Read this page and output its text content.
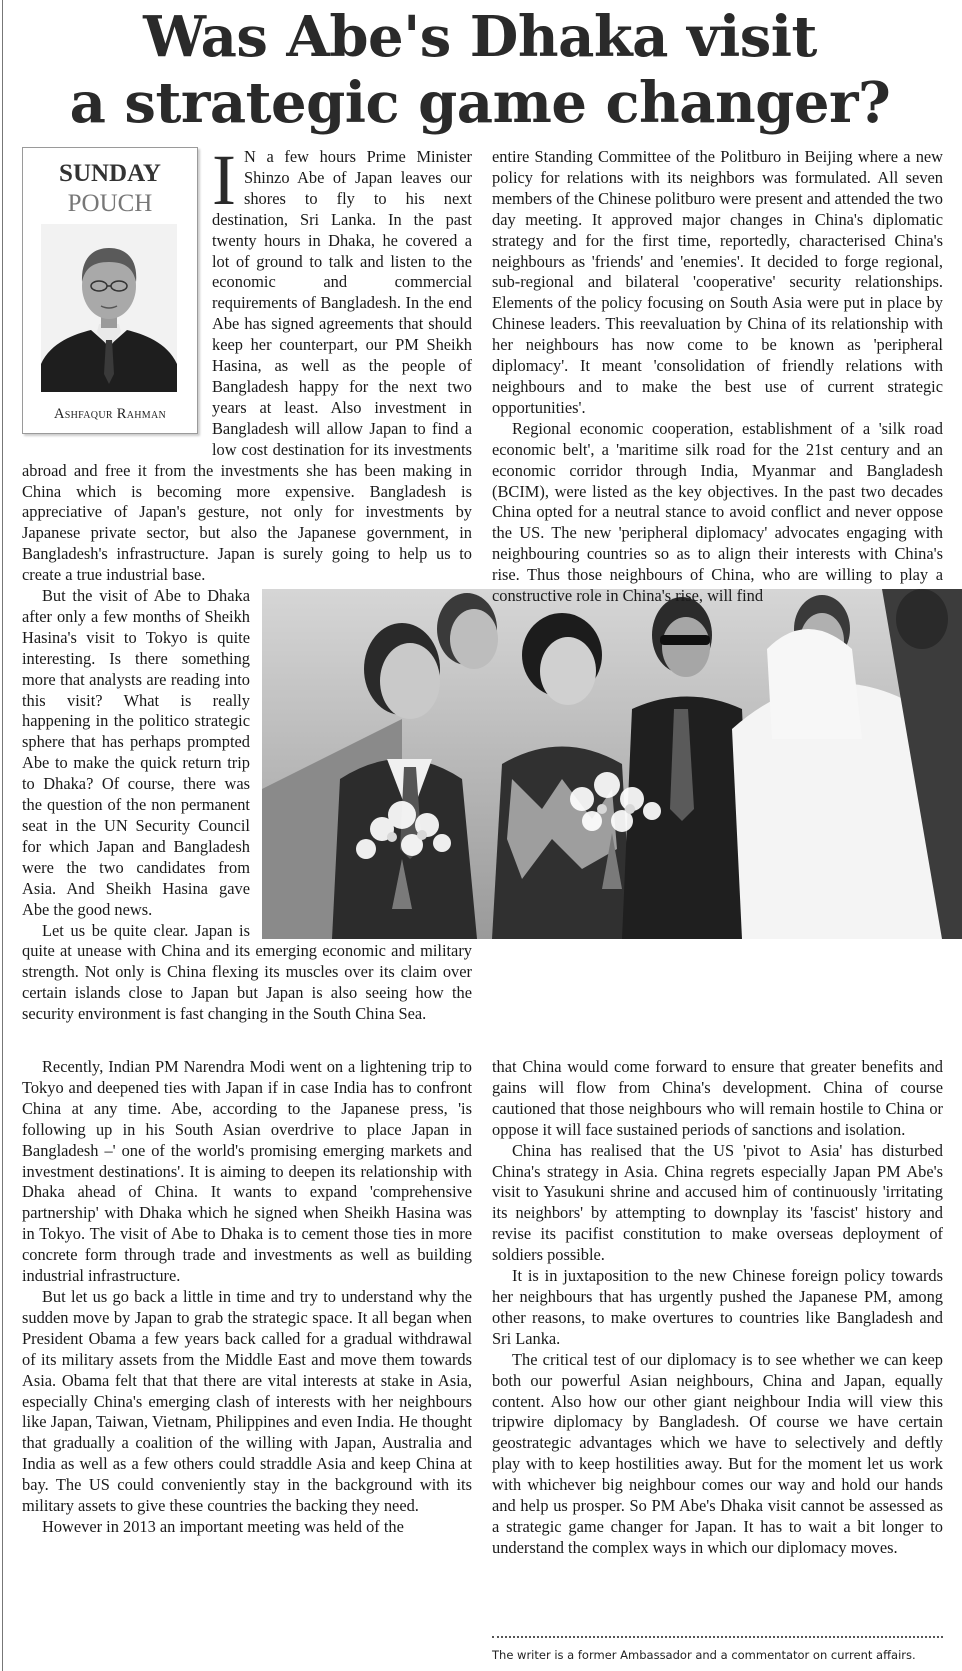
Was Abe's Dhaka visit
a strategic game changer?
SUNDAY
POUCH
Ashfaqur Rahman
I N a few hours Prime Minister Shinzo Abe of Japan leaves our shores to fly to his next destination, Sri Lanka. In the past twenty hours in Dhaka, he covered a lot of ground to talk and listen to the economic and commercial requirements of Bangladesh. In the end Abe has signed agreements that should keep her counterpart, our PM Sheikh Hasina, as well as the people of Bangladesh happy for the next two years at least. Also investment in Bangladesh will allow Japan to find a low cost destination for its investments abroad and free it from the investments she has been making in China which is becoming more expensive. Bangladesh is appreciative of Japan's gesture, not only for investments by Japanese private sector, but also the Japanese government, in Bangladesh's infrastructure. Japan is surely going to help us to create a true industrial base.

But the visit of Abe to Dhaka after only a few months of Sheikh Hasina's visit to Tokyo is quite interesting. Is there something more that analysts are reading into this visit? What is really happening in the politico strategic sphere that has perhaps prompted Abe to make the quick return trip to Dhaka? Of course, there was the question of the non permanent seat in the UN Security Council for which Japan and Bangladesh were the two candidates from Asia. And Sheikh Hasina gave Abe the good news.

Let us be quite clear. Japan is quite at unease with China and its emerging economic and military strength. Not only is China flexing its muscles over its claim over certain islands close to Japan but Japan is also seeing how the security environment is fast changing in the South China Sea.

Recently, Indian PM Narendra Modi went on a lightening trip to Tokyo and deepened ties with Japan if in case India has to confront China at any time. Abe, according to the Japanese press, 'is following up in his South Asian overdrive to place Japan in Bangladesh –' one of the world's promising emerging markets and investment destinations'. It is aiming to deepen its relationship with Dhaka ahead of China. It wants to expand 'comprehensive partnership' with Dhaka which he signed when Sheikh Hasina was in Tokyo. The visit of Abe to Dhaka is to cement those ties in more concrete form through trade and investments as well as building industrial infrastructure.

But let us go back a little in time and try to understand why the sudden move by Japan to grab the strategic space. It all began when President Obama a few years back called for a gradual withdrawal of its military assets from the Middle East and move them towards Asia. Obama felt that that there are vital interests at stake in Asia, especially China's emerging clash of interests with her neighbours like Japan, Taiwan, Vietnam, Philippines and even India. He thought that gradually a coalition of the willing with Japan, Australia and India as well as a few others could straddle Asia and keep China at bay. The US could conveniently stay in the background with its military assets to give these countries the backing they need.

However in 2013 an important meeting was held of the

entire Standing Committee of the Politburo in Beijing where a new policy for relations with its neighbors was formulated. All seven members of the Chinese politburo were present and attended the two day meeting. It approved major changes in China's diplomatic strategy and for the first time, reportedly, characterised China's neighbours as 'friends' and 'enemies'. It decided to forge regional, sub-regional and bilateral 'cooperative' security relationships. Elements of the policy focusing on South Asia were put in place by Chinese leaders. This reevaluation by China of its relationship with her neighbours has now come to be known as 'peripheral diplomacy'. It meant 'consolidation of friendly relations with neighbours and to make the best use of current strategic opportunities'.

Regional economic cooperation, establishment of a 'silk road economic belt', a 'maritime silk road for the 21st century and an economic corridor through India, Myanmar and Bangladesh (BCIM), were listed as the key objectives. In the past two decades China opted for a neutral stance to avoid conflict and never oppose the US. The new 'peripheral diplomacy' advocates engaging with neighbouring countries so as to align their interests with China's rise. Thus those neighbours of China, who are willing to play a constructive role in China's rise, will find

that China would come forward to ensure that greater benefits and gains will flow from China's development. China of course cautioned that those neighbours who will remain hostile to China or oppose it will face sustained periods of sanctions and isolation.

China has realised that the US 'pivot to Asia' has disturbed China's strategy in Asia. China regrets especially Japan PM Abe's visit to Yasukuni shrine and accused him of continuously 'irritating its neighbors' by attempting to downplay its 'fascist' history and revise its pacifist constitution to make overseas deployment of soldiers possible.

It is in juxtaposition to the new Chinese foreign policy towards her neighbours that has urgently pushed the Japanese PM, among other reasons, to make overtures to countries like Bangladesh and Sri Lanka.

The critical test of our diplomacy is to see whether we can keep both our powerful Asian neighbours, China and Japan, equally content. Also how our other giant neighbour India will view this tripwire diplomacy by Bangladesh. Of course we have certain geostrategic advantages which we have to selectively and deftly play with to keep hostilities away. But for the moment let us work with whichever big neighbour comes our way and hold our hands and help us prosper. So PM Abe's Dhaka visit cannot be assessed as a strategic game changer for Japan. It has to wait a bit longer to understand the complex ways in which our diplomacy moves.

The writer is a former Ambassador and a commentator on current affairs.
